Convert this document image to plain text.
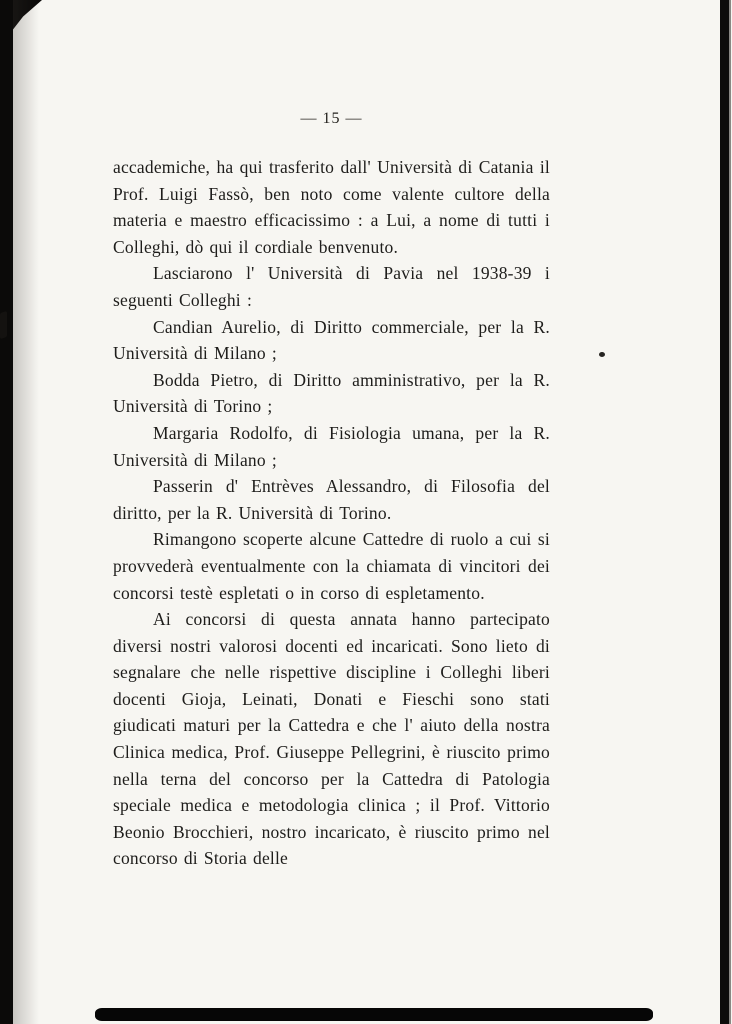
— 15 —

accademiche, ha qui trasferito dall' Università di Catania il Prof. Luigi Fassò, ben noto come valente cultore della materia e maestro efficacissimo : a Lui, a nome di tutti i Colleghi, dò qui il cordiale benvenuto.

Lasciarono l' Università di Pavia nel 1938-39 i seguenti Colleghi :

Candian Aurelio, di Diritto commerciale, per la R. Università di Milano ;

Bodda Pietro, di Diritto amministrativo, per la R. Università di Torino ;

Margaria Rodolfo, di Fisiologia umana, per la R. Università di Milano ;

Passerin d' Entrèves Alessandro, di Filosofia del diritto, per la R. Università di Torino.

Rimangono scoperte alcune Cattedre di ruolo a cui si provvederà eventualmente con la chiamata di vincitori dei concorsi testè espletati o in corso di espletamento.

Ai concorsi di questa annata hanno partecipato diversi nostri valorosi docenti ed incaricati. Sono lieto di segnalare che nelle rispettive discipline i Colleghi liberi docenti Gioja, Leinati, Donati e Fieschi sono stati giudicati maturi per la Cattedra e che l' aiuto della nostra Clinica medica, Prof. Giuseppe Pellegrini, è riuscito primo nella terna del concorso per la Cattedra di Patologia speciale medica e metodologia clinica ; il Prof. Vittorio Beonio Brocchieri, nostro incaricato, è riuscito primo nel concorso di Storia delle
